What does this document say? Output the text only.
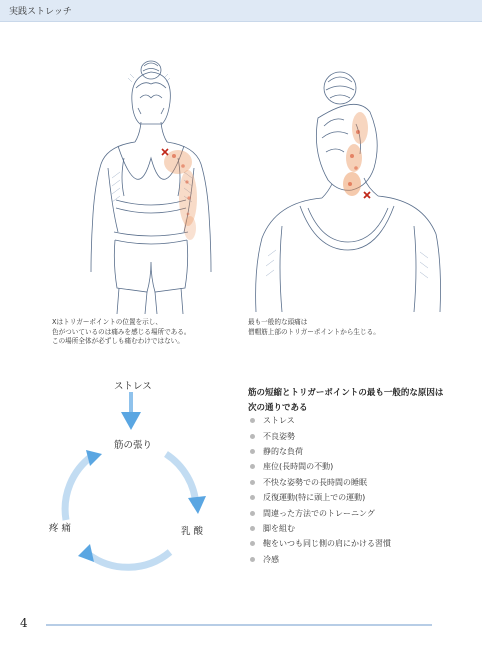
実践ストレッチ
Xはトリガーポイントの位置を示し、
色がついているのは痛みを感じる場所である。
この場所全体が必ずしも痛むわけではない。
最も一般的な頭痛は
僧帽筋上部のトリガーポイントから生じる。
ストレス
筋の張り
乳 酸
疼 痛
筋の短縮とトリガーポイントの最も一般的な原因は
次の通りである
ストレス
不良姿勢
静的な負荷
座位(長時間の不動)
不快な姿勢での長時間の睡眠
反復運動(特に頭上での運動)
間違った方法でのトレーニング
脚を組む
鞄をいつも同じ側の肩にかける習慣
冷感
4
